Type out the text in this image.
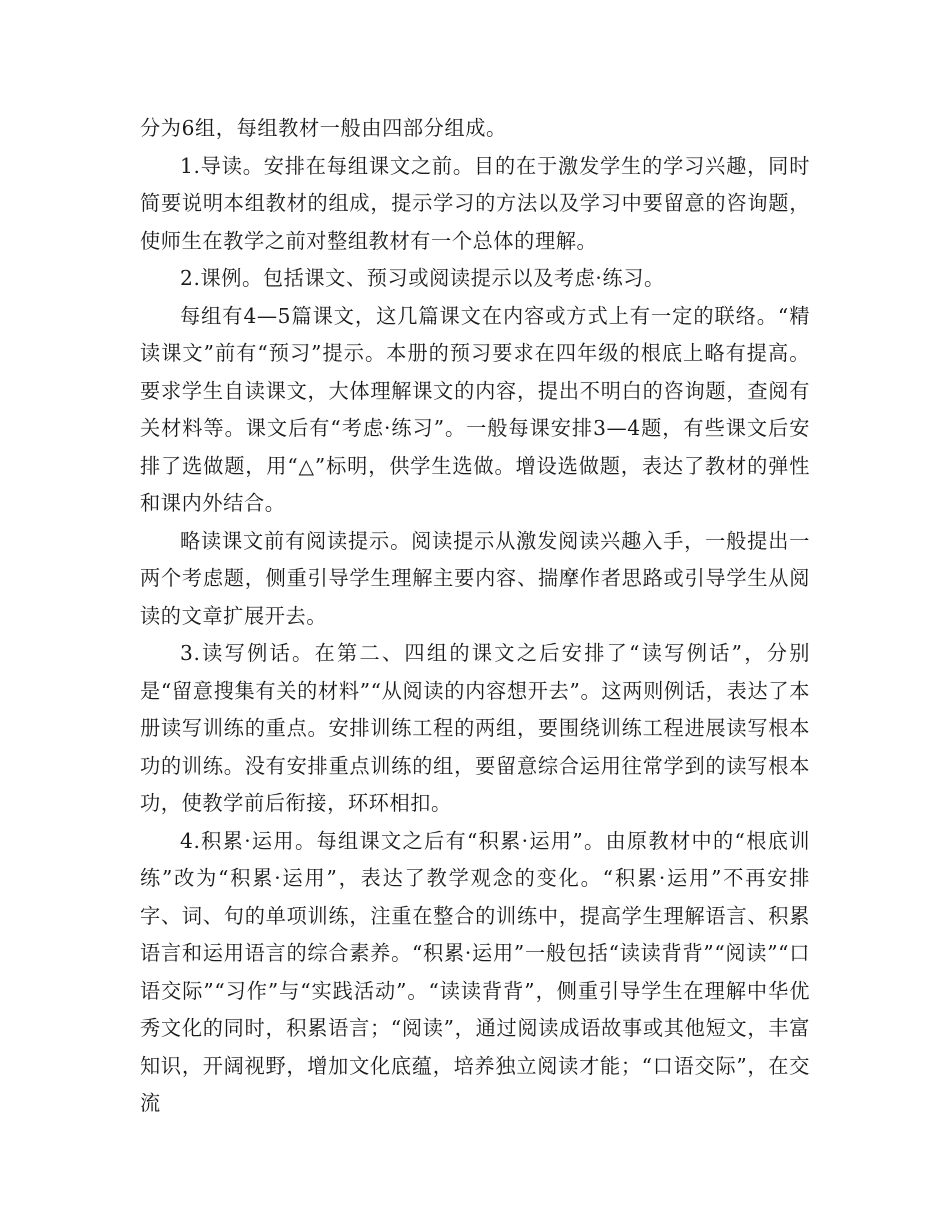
分为6组，每组教材一般由四部分组成。

1.导读。安排在每组课文之前。目的在于激发学生的学习兴趣，同时简要说明本组教材的组成，提示学习的方法以及学习中要留意的咨询题，使师生在教学之前对整组教材有一个总体的理解。

2.课例。包括课文、预习或阅读提示以及考虑·练习。

每组有4—5篇课文，这几篇课文在内容或方式上有一定的联络。“精读课文”前有“预习”提示。本册的预习要求在四年级的根底上略有提高。要求学生自读课文，大体理解课文的内容，提出不明白的咨询题，查阅有关材料等。课文后有“考虑·练习”。一般每课安排3—4题，有些课文后安排了选做题，用“△”标明，供学生选做。增设选做题，表达了教材的弹性和课内外结合。

略读课文前有阅读提示。阅读提示从激发阅读兴趣入手，一般提出一两个考虑题，侧重引导学生理解主要内容、揣摩作者思路或引导学生从阅读的文章扩展开去。

3.读写例话。在第二、四组的课文之后安排了“读写例话”，分别是“留意搜集有关的材料”“从阅读的内容想开去”。这两则例话，表达了本册读写训练的重点。安排训练工程的两组，要围绕训练工程进展读写根本功的训练。没有安排重点训练的组，要留意综合运用往常学到的读写根本功，使教学前后衔接，环环相扣。

4.积累·运用。每组课文之后有“积累·运用”。由原教材中的“根底训练”改为“积累·运用”，表达了教学观念的变化。“积累·运用”不再安排字、词、句的单项训练，注重在整合的训练中，提高学生理解语言、积累语言和运用语言的综合素养。“积累·运用”一般包括“读读背背”“阅读”“口语交际”“习作”与“实践活动”。“读读背背”，侧重引导学生在理解中华优秀文化的同时，积累语言；“阅读”，通过阅读成语故事或其他短文，丰富知识，开阔视野，增加文化底蕴，培养独立阅读才能；“口语交际”，在交流
